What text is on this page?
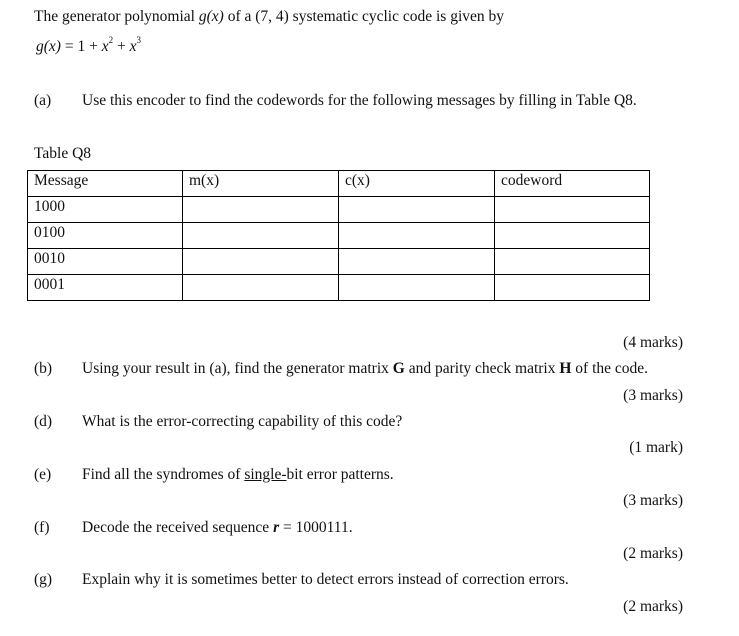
The generator polynomial g(x) of a (7, 4) systematic cyclic code is given by
$g(x) = 1 + x^2 + x^3$
(a) Use this encoder to find the codewords for the following messages by filling in Table Q8.
Table Q8
Message	m(x)	c(x)	codeword
1000			
0100			
0010			
0001			
(4 marks)
(b) Using your result in (a), find the generator matrix G and parity check matrix H of the code.
(3 marks)
(d) What is the error-correcting capability of this code?
(1 mark)
(e) Find all the syndromes of single-bit error patterns.
(3 marks)
(f) Decode the received sequence r = 1000111.
(2 marks)
(g) Explain why it is sometimes better to detect errors instead of correction errors.
(2 marks)
